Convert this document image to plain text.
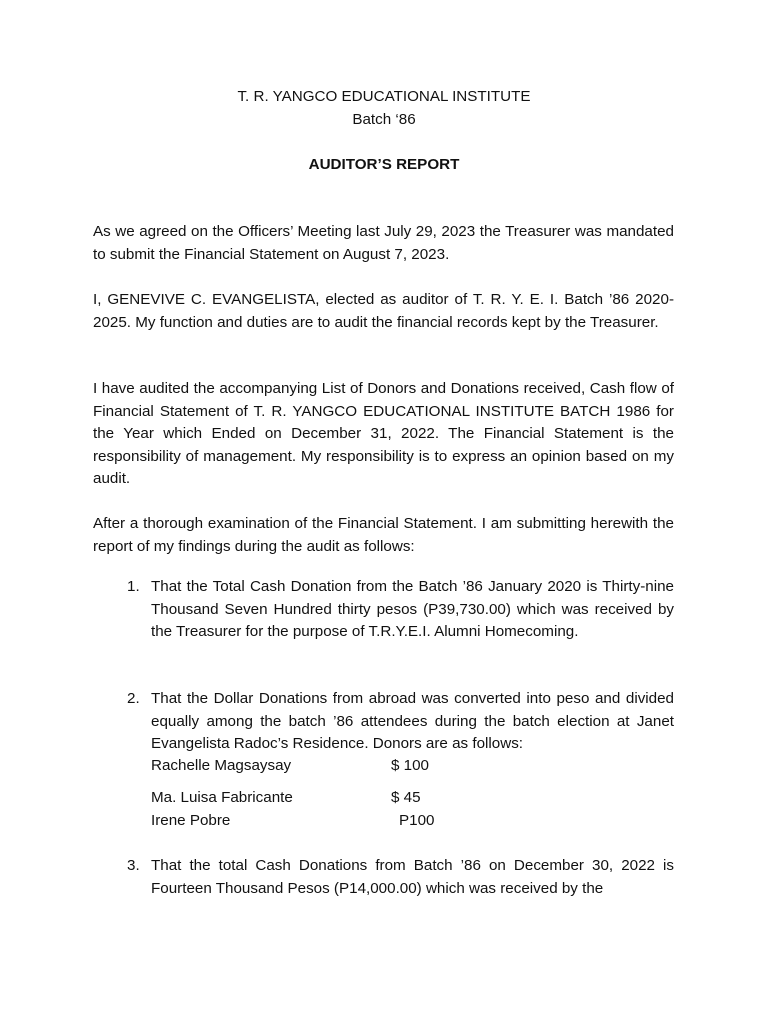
T. R. YANGCO EDUCATIONAL INSTITUTE
Batch ‘86
AUDITOR’S REPORT

As we agreed on the Officers’ Meeting last July 29, 2023 the Treasurer was mandated to submit the Financial Statement on August 7, 2023.

I, GENEVIVE C. EVANGELISTA, elected as auditor of T. R. Y. E. I. Batch ’86 2020-2025. My function and duties are to audit the financial records kept by the Treasurer.

I have audited the accompanying List of Donors and Donations received, Cash flow of Financial Statement of T. R. YANGCO EDUCATIONAL INSTITUTE BATCH 1986 for the Year which Ended on December 31, 2022. The Financial Statement is the responsibility of management. My responsibility is to express an opinion based on my audit.

After a thorough examination of the Financial Statement. I am submitting herewith the report of my findings during the audit as follows:

1. That the Total Cash Donation from the Batch ’86 January 2020 is Thirty-nine Thousand Seven Hundred thirty pesos (P39,730.00) which was received by the Treasurer for the purpose of T.R.Y.E.I. Alumni Homecoming.

2. That the Dollar Donations from abroad was converted into peso and divided equally among the batch ’86 attendees during the batch election at Janet Evangelista Radoc’s Residence. Donors are as follows:

Rachelle Magsaysay	$ 100
Ma. Luisa Fabricante	$ 45
Irene Pobre	P100
3. That the total Cash Donations from Batch ’86 on December 30, 2022 is Fourteen Thousand Pesos (P14,000.00) which was received by the
